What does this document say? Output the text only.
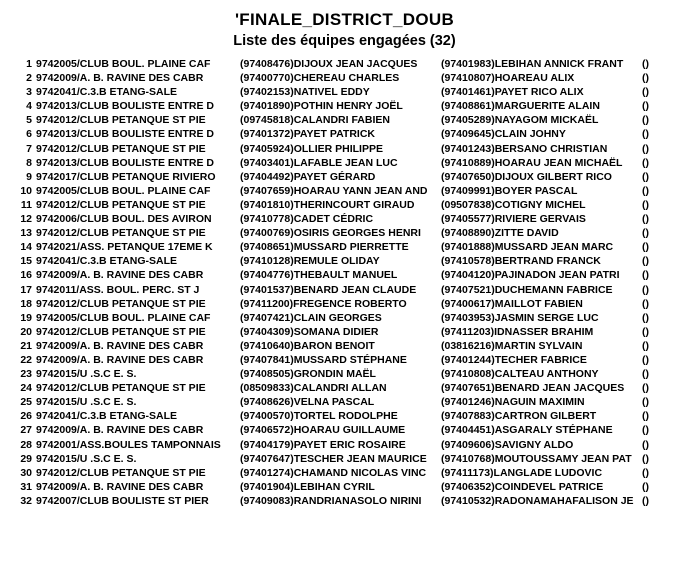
'FINALE_DISTRICT_DOUB
Liste des équipes engagées (32)
1	9742005/CLUB BOUL. PLAINE CAF	(97408476)DIJOUX JEAN JACQUES	(97401983)LEBIHAN ANNICK FRANT	()
2	9742009/A. B. RAVINE DES CABR	(97400770)CHEREAU CHARLES	(97410807)HOAREAU ALIX	()
3	9742041/C.3.B ETANG-SALE	(97402153)NATIVEL EDDY	(97401461)PAYET RICO ALIX	()
4	9742013/CLUB BOULISTE ENTRE D	(97401890)POTHIN HENRY JOËL	(97408861)MARGUERITE ALAIN	()
5	9742012/CLUB PETANQUE ST PIE	(09745818)CALANDRI FABIEN	(97405289)NAYAGOM MICKAËL	()
6	9742013/CLUB BOULISTE ENTRE D	(97401372)PAYET PATRICK	(97409645)CLAIN JOHNY	()
7	9742012/CLUB PETANQUE ST PIE	(97405924)OLLIER PHILIPPE	(97401243)BERSANO CHRISTIAN	()
8	9742013/CLUB BOULISTE ENTRE D	(97403401)LAFABLE JEAN LUC	(97410889)HOARAU JEAN MICHAËL	()
9	9742017/CLUB PETANQUE RIVIERO	(97404492)PAYET GÉRARD	(97407650)DIJOUX GILBERT RICO	()
10	9742005/CLUB BOUL. PLAINE CAF	(97407659)HOARAU YANN JEAN AND	(97409991)BOYER PASCAL	()
11	9742012/CLUB PETANQUE ST PIE	(97401810)THERINCOURT GIRAUD	(09507838)COTIGNY MICHEL	()
12	9742006/CLUB BOUL. DES AVIRON	(97410778)CADET CÉDRIC	(97405577)RIVIERE GERVAIS	()
13	9742012/CLUB PETANQUE ST PIE	(97400769)OSIRIS GEORGES HENRI	(97408890)ZITTE DAVID	()
14	9742021/ASS. PETANQUE 17EME K	(97408651)MUSSARD PIERRETTE	(97401888)MUSSARD JEAN MARC	()
15	9742041/C.3.B ETANG-SALE	(97410128)REMULE OLIDAY	(97410578)BERTRAND FRANCK	()
16	9742009/A. B. RAVINE DES CABR	(97404776)THEBAULT MANUEL	(97404120)PAJINADON JEAN PATRI	()
17	9742011/ASS. BOUL. PERC. ST J	(97401537)BENARD JEAN CLAUDE	(97407521)DUCHEMANN FABRICE	()
18	9742012/CLUB PETANQUE ST PIE	(97411200)FREGENCE ROBERTO	(97400617)MAILLOT FABIEN	()
19	9742005/CLUB BOUL. PLAINE CAF	(97407421)CLAIN GEORGES	(97403953)JASMIN SERGE LUC	()
20	9742012/CLUB PETANQUE ST PIE	(97404309)SOMANA DIDIER	(97411203)IDNASSER BRAHIM	()
21	9742009/A. B. RAVINE DES CABR	(97410640)BARON BENOIT	(03816216)MARTIN SYLVAIN	()
22	9742009/A. B. RAVINE DES CABR	(97407841)MUSSARD STÉPHANE	(97401244)TECHER FABRICE	()
23	9742015/U .S.C E. S.	(97408505)GRONDIN MAËL	(97410808)CALTEAU ANTHONY	()
24	9742012/CLUB PETANQUE ST PIE	(08509833)CALANDRI ALLAN	(97407651)BENARD JEAN JACQUES	()
25	9742015/U .S.C E. S.	(97408626)VELNA PASCAL	(97401246)NAGUIN MAXIMIN	()
26	9742041/C.3.B ETANG-SALE	(97400570)TORTEL RODOLPHE	(97407883)CARTRON GILBERT	()
27	9742009/A. B. RAVINE DES CABR	(97406572)HOARAU GUILLAUME	(97404451)ASGARALY STÉPHANE	()
28	9742001/ASS.BOULES TAMPONNAIS	(97404179)PAYET ERIC ROSAIRE	(97409606)SAVIGNY ALDO	()
29	9742015/U .S.C E. S.	(97407647)TESCHER JEAN MAURICE	(97410768)MOUTOUSSAMY JEAN PAT	()
30	9742012/CLUB PETANQUE ST PIE	(97401274)CHAMAND NICOLAS VINC	(97411173)LANGLADE LUDOVIC	()
31	9742009/A. B. RAVINE DES CABR	(97401904)LEBIHAN CYRIL	(97406352)COINDEVEL PATRICE	()
32	9742007/CLUB BOULISTE ST PIER	(97409083)RANDRIANASOLO NIRINI	(97410532)RADONAMAHAFALISON JE	()
